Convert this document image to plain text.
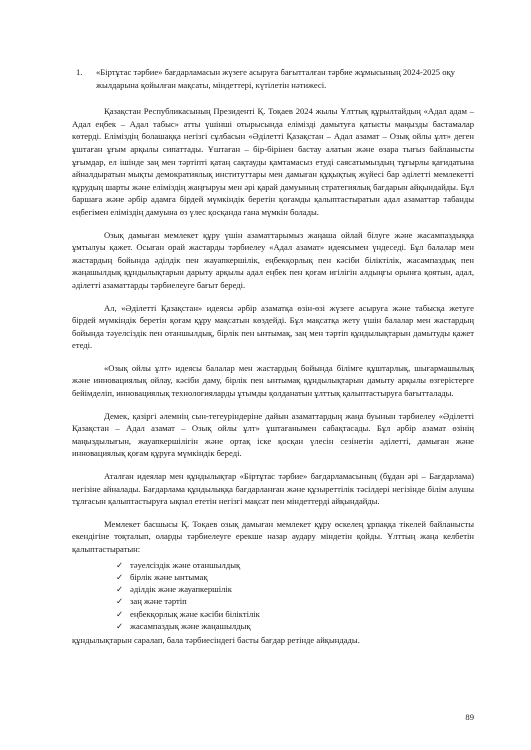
1.	«Біртұтас тәрбие» бағдарламасын жүзеге асыруға бағытталған тәрбие жұмысының 2024-2025 оқу жылдарына қойылған мақсаты, міндеттері, күтілетін нәтижесі.

Қазақстан Республикасының Президенті Қ. Тоқаев 2024 жылы Ұлттық құрылтайдың «Адал адам – Адал еңбек – Адал табыс» атты үшінші отырысында елімізді дамытуға қатысты маңызды бастамалар көтерді. Еліміздің болашаққа негізгі сұлбасын «Әділетті Қазақстан – Адал азамат – Озық ойлы ұлт» деген ұштаған ұғым арқылы сипаттады. Ұштаған – бір-бірінен бастау алатын және өзара тығыз байланысты ұғымдар, ел ішінде заң мен тәртіпті қатаң сақтауды қамтамасыз етуді саясатымыздың тұғырлы қағидатына айналдыратын мықты демократиялық институттары мен дамыған құқықтық жүйесі бар әділетті мемлекетті құрудың шарты және еліміздің жаңғыруы мен әрі қарай дамуының стратегиялық бағдарын айқындайды. Бұл баршаға және әрбір адамға бірдей мүмкіндік беретін қоғамды қалыптастыратын адал азаматтар табанды еңбегімен еліміздің дамуына өз үлес қосқанда ғана мүмкін болады.

Озық дамыған мемлекет құру үшін азаматтарымыз жаңаша ойлай білуге және жасампаздыққа ұмтылуы қажет. Осыған орай жастарды тәрбиелеу «Адал азамат» идеясымен үндеседі. Бұл балалар мен жастардың бойында әділдік пен жауапкершілік, еңбекқорлық пен кәсіби біліктілік, жасампаздық пен жаңашылдық құндылықтарын дарыту арқылы адал еңбек пен қоғам игілігін алдыңғы орынға қоятын, адал, әділетті азаматтарды тәрбиелеуге бағыт береді.

Ал, «Әділетті Қазақстан» идеясы әрбір азаматқа өзін-өзі жүзеге асыруға және табысқа жетуге бірдей мүмкіндік беретін қоғам құру мақсатын көздейді. Бұл мақсатқа жету үшін балалар мен жастардың бойында тәуелсіздік пен отаншылдық, бірлік пен ынтымақ, заң мен тәртіп құндылықтарын дамытуды қажет етеді.

«Озық ойлы ұлт» идеясы балалар мен жастардың бойында білімге құштарлық, шығармашылық және инновациялық ойлау, кәсіби даму, бірлік пен ынтымақ құндылықтарын дамыту арқылы өзгерістерге бейімделіп, инновациялық технологияларды ұтымды қолданатын ұлттық қалыптастыруға бағытталады.

Демек, қазіргі әлемнің сын-тегеуріндеріне дайын азаматтардың жаңа буынын тәрбиелеу «Әділетті Қазақстан – Адал азамат – Озық ойлы ұлт» ұштағанымен сабақтасады. Бұл әрбір азамат өзінің маңыздылығын, жауапкершілігін және ортақ іске қосқан үлесін сезінетін әділетті, дамыған және инновациялық қоғам құруға мүмкіндік береді.

Аталған идеялар мен құндылықтар «Біртұтас тәрбие» бағдарламасының (бұдан әрі – Бағдарлама) негізіне айналады. Бағдарлама құндылыққа бағдарланған және құзыреттілік тәсілдері негізінде білім алушы тұлғасын қалыптастыруға ықпал ететін негізгі мақсат пен міндеттерді айқындайды.

Мемлекет басшысы Қ. Тоқаев озық дамыған мемлекет құру өскелең ұрпаққа тікелей байланысты екендігіне тоқталып, оларды тәрбиелеуге ерекше назар аудару міндетін қойды. Ұлттың жаңа келбетін қалыптастыратын:

✓ тәуелсіздік және отаншылдық
✓ бірлік және ынтымақ
✓ әділдік және жауапкершілік
✓ заң және тәртіп
✓ еңбекқорлық және кәсіби біліктілік
✓ жасампаздық және жаңашылдық

құндылықтарын саралап, бала тәрбиесіндегі басты бағдар ретінде айқындады.

89
